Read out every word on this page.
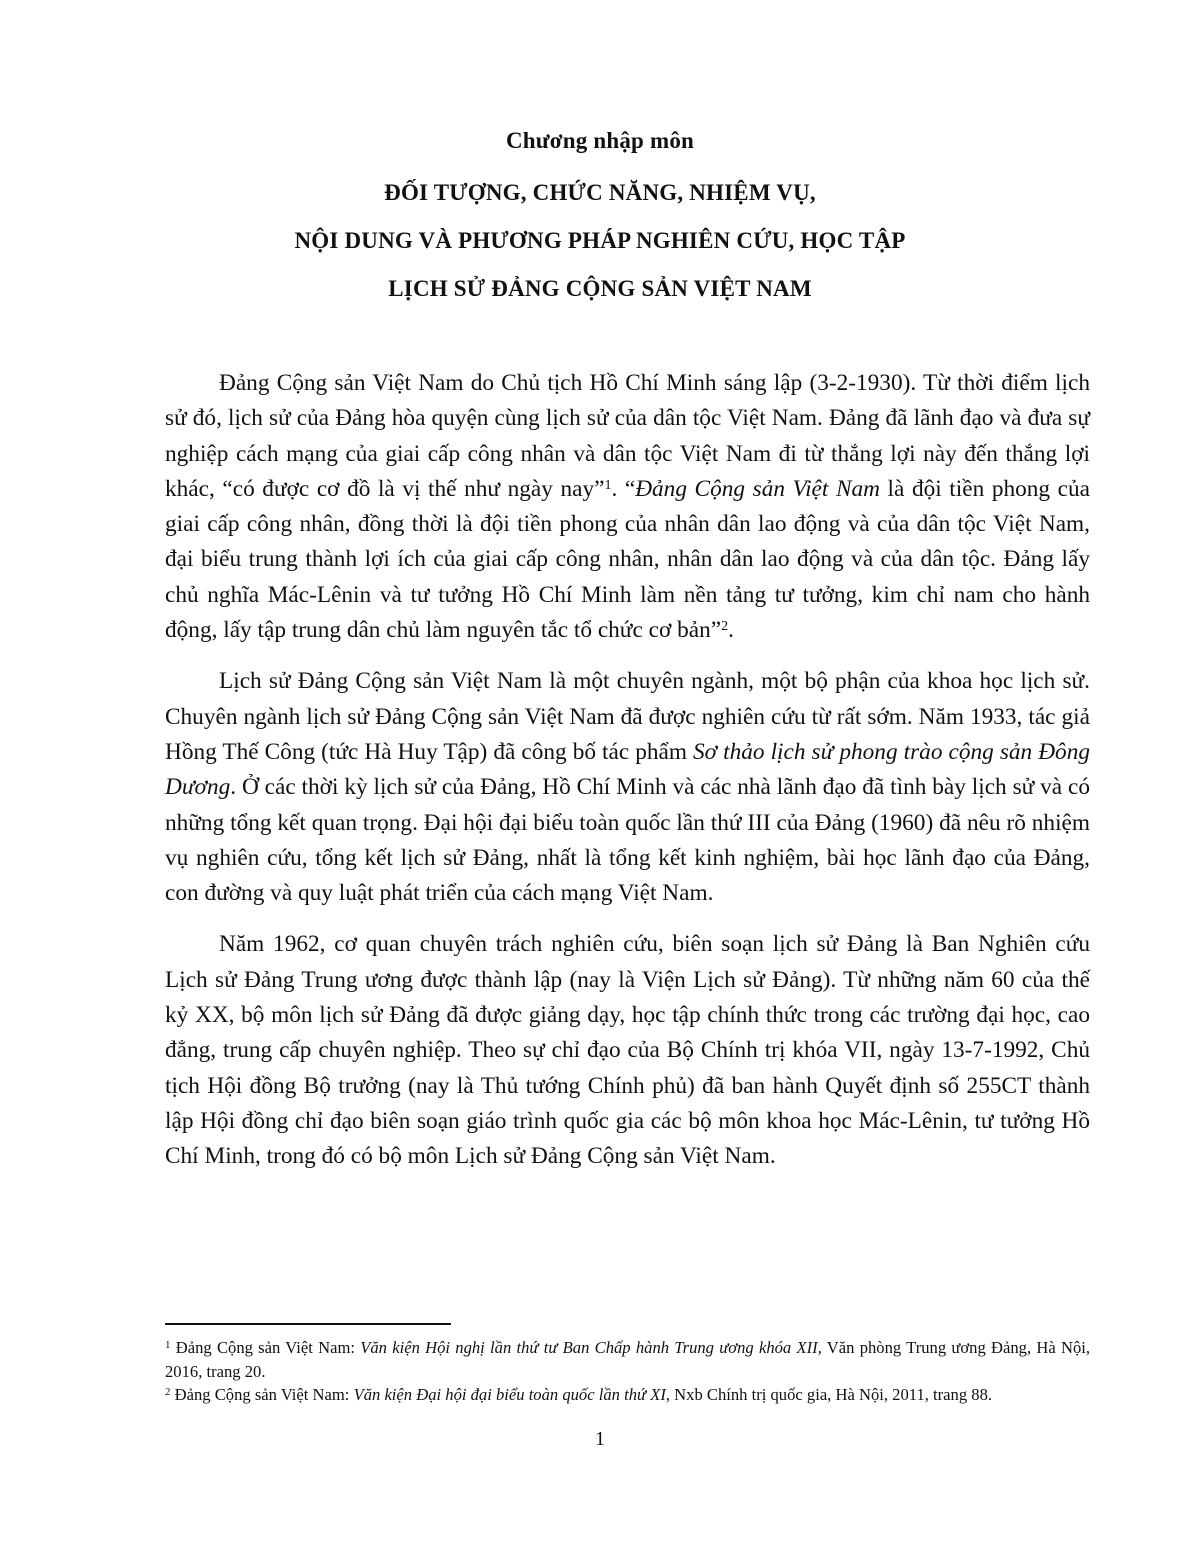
Chương nhập môn
ĐỐI TƯỢNG, CHỨC NĂNG, NHIỆM VỤ,
NỘI DUNG VÀ PHƯƠNG PHÁP NGHIÊN CỨU, HỌC TẬP
LỊCH SỬ ĐẢNG CỘNG SẢN VIỆT NAM

Đảng Cộng sản Việt Nam do Chủ tịch Hồ Chí Minh sáng lập (3-2-1930). Từ thời điểm lịch sử đó, lịch sử của Đảng hòa quyện cùng lịch sử của dân tộc Việt Nam. Đảng đã lãnh đạo và đưa sự nghiệp cách mạng của giai cấp công nhân và dân tộc Việt Nam đi từ thắng lợi này đến thắng lợi khác, “có được cơ đồ là vị thế như ngày nay”$^1$. “Đảng Cộng sản Việt Nam là đội tiền phong của giai cấp công nhân, đồng thời là đội tiền phong của nhân dân lao động và của dân tộc Việt Nam, đại biểu trung thành lợi ích của giai cấp công nhân, nhân dân lao động và của dân tộc. Đảng lấy chủ nghĩa Mác-Lênin và tư tưởng Hồ Chí Minh làm nền tảng tư tưởng, kim chỉ nam cho hành động, lấy tập trung dân chủ làm nguyên tắc tổ chức cơ bản”$^2$.

Lịch sử Đảng Cộng sản Việt Nam là một chuyên ngành, một bộ phận của khoa học lịch sử. Chuyên ngành lịch sử Đảng Cộng sản Việt Nam đã được nghiên cứu từ rất sớm. Năm 1933, tác giả Hồng Thế Công (tức Hà Huy Tập) đã công bố tác phẩm Sơ thảo lịch sử phong trào cộng sản Đông Dương. Ở các thời kỳ lịch sử của Đảng, Hồ Chí Minh và các nhà lãnh đạo đã tình bày lịch sử và có những tổng kết quan trọng. Đại hội đại biểu toàn quốc lần thứ III của Đảng (1960) đã nêu rõ nhiệm vụ nghiên cứu, tổng kết lịch sử Đảng, nhất là tổng kết kinh nghiệm, bài học lãnh đạo của Đảng, con đường và quy luật phát triển của cách mạng Việt Nam.

Năm 1962, cơ quan chuyên trách nghiên cứu, biên soạn lịch sử Đảng là Ban Nghiên cứu Lịch sử Đảng Trung ương được thành lập (nay là Viện Lịch sử Đảng). Từ những năm 60 của thế kỷ XX, bộ môn lịch sử Đảng đã được giảng dạy, học tập chính thức trong các trường đại học, cao đẳng, trung cấp chuyên nghiệp. Theo sự chỉ đạo của Bộ Chính trị khóa VII, ngày 13-7-1992, Chủ tịch Hội đồng Bộ trưởng (nay là Thủ tướng Chính phủ) đã ban hành Quyết định số 255CT thành lập Hội đồng chỉ đạo biên soạn giáo trình quốc gia các bộ môn khoa học Mác-Lênin, tư tưởng Hồ Chí Minh, trong đó có bộ môn Lịch sử Đảng Cộng sản Việt Nam.

$^1$ Đảng Cộng sản Việt Nam: Văn kiện Hội nghị lần thứ tư Ban Chấp hành Trung ương khóa XII, Văn phòng Trung ương Đảng, Hà Nội, 2016, trang 20.

$^2$ Đảng Cộng sản Việt Nam: Văn kiện Đại hội đại biểu toàn quốc lần thứ XI, Nxb Chính trị quốc gia, Hà Nội, 2011, trang 88.

1
